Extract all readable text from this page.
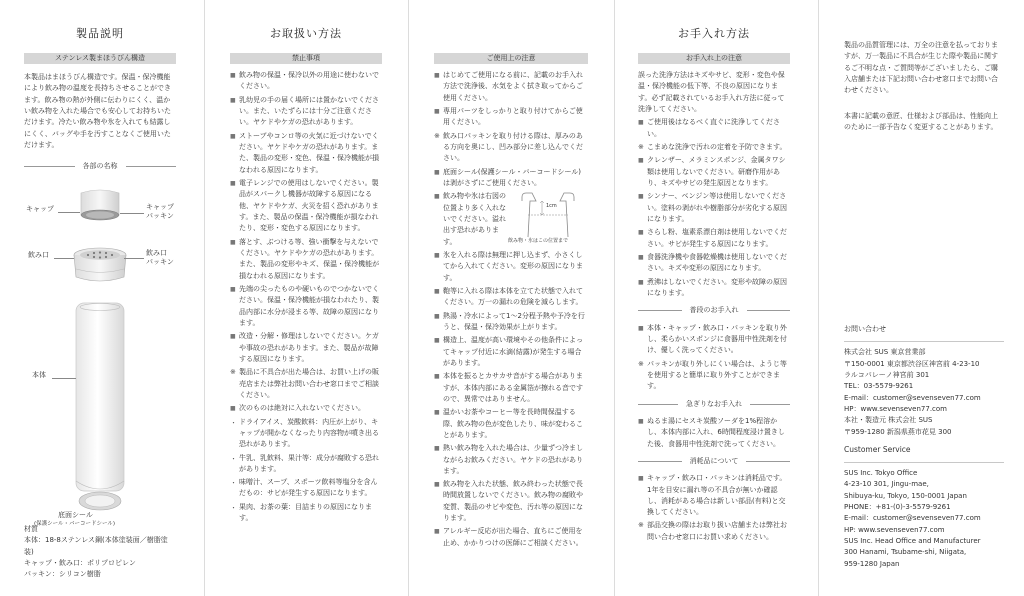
製品説明
ステンレス製まほうびん構造
本製品はまほうびん構造です。保温・保冷機能により飲み物の温度を長持ちさせることができます。飲み物の熱が外側に伝わりにくく、温かい飲み物を入れた場合でも安心してお持ちいただけます。冷たい飲み物や氷を入れても結露しにくく、バッグや手を汚すことなくご使用いただけます。
各部の名称
キャップ	キャップ
パッキン
飲み口	飲み口
パッキン
本体
底面シール
(保護シール・バーコードシール)
材質
本体：18-8ステンレス鋼(本体塗装面／樹脂塗装)
キャップ・飲み口：ポリプロピレン
パッキン：シリコン樹脂
お取扱い方法
禁止事項
■ 飲み物の保温・保冷以外の用途に使わないでください。
■ 乳幼児の手の届く場所には置かないでください。また、いたずらには十分ご注意ください。ヤケドやケガの恐れがあります。
■ ストーブやコンロ等の火気に近づけないでください。ヤケドやケガの恐れがあります。また、製品の変形・変色、保温・保冷機能が損なわれる原因になります。
■ 電子レンジでの使用はしないでください。製品がスパークし機器が故障する原因になる他、ヤケドやケガ、火災を招く恐れがあります。また、製品の保温・保冷機能が損なわれたり、変形・変色する原因になります。
■ 落とす、ぶつける等、強い衝撃を与えないでください。ヤケドやケガの恐れがあります。また、製品の変形やキズ、保温・保冷機能が損なわれる原因になります。
■ 先端の尖ったものや硬いものでつかないでください。保温・保冷機能が損なわれたり、製品内部に水分が浸まる等、故障の原因になります。
■ 改造・分解・修理はしないでください。ケガや事故の恐れがあります。また、製品が故障する原因になります。
※ 製品に不具合が出た場合は、お買い上げの販売店または弊社お問い合わせ窓口までご相談ください。
■ 次のものは絶対に入れないでください。
・ ドライアイス、炭酸飲料：内圧が上がり、キャップが開かなくなったり内容物が噴き出る恐れがあります。
・ 牛乳、乳飲料、果汁等：成分が腐敗する恐れがあります。
・ 味噌汁、スープ、スポーツ飲料等塩分を含んだもの：サビが発生する原因になります。
・ 果肉、お茶の葉：目詰まりの原因になります。
ご使用上の注意
■ はじめてご使用になる前に、記載のお手入れ方法で洗浄後、水気をよく拭き取ってからご使用ください。
■ 専用パーツをしっかりと取り付けてからご使用ください。
※ 飲み口パッキンを取り付ける際は、厚みのある方向を奥にし、凹み部分に差し込んでください。
■ 底面シール(保護シール・バーコードシール)は剥がさずにご使用ください。
■ 飲み物や氷は右図の位置より多く入れないでください。溢れ出す恐れがあります。
1cm
飲み物・氷はこの位置まで
■ 氷を入れる際は無理に押し込まず、小さくしてから入れてください。変形の原因になります。
■ 鞄等に入れる際は本体を立てた状態で入れてください。万一の漏れの危険を減らします。
■ 熱湯・冷水によって1〜2分程予熱や予冷を行うと、保温・保冷効果が上がります。
■ 構造上、温度が高い環境やその他条件によってキャップ付近に水滴(結露)が発生する場合があります。
■ 本体を振るとカサカサ音がする場合がありますが、本体内部にある金属箔が擦れる音ですので、異常ではありません。
■ 温かいお茶やコーヒー等を長時間保温する際、飲み物の色が変色したり、味が変わることがあります。
■ 熱い飲み物を入れた場合は、少量ずつ冷ましながらお飲みください。ヤケドの恐れがあります。
■ 飲み物を入れた状態、飲み終わった状態で長時間放置しないでください。飲み物の腐敗や変質、製品のサビや変色、汚れ等の原因になります。
■ アレルギー反応が出た場合、直ちにご使用を止め、かかりつけの医師にご相談ください。
お手入れ方法
お手入れ上の注意
誤った洗浄方法はキズやサビ、変形・変色や保温・保冷機能の低下等、不良の原因になります。必ず記載されているお手入れ方法に従って洗浄してください。
■ ご使用後はなるべく直ぐに洗浄してください。
※ こまめな洗浄で汚れの定着を予防できます。
■ クレンザー、メラミンスポンジ、金属タワシ類は使用しないでください。研磨作用があり、キズやサビの発生原因となります。
■ シンナー、ベンジン等は使用しないでください。塗料の剥がれや樹脂部分が劣化する原因になります。
■ さらし粉、塩素系漂白剤は使用しないでください。サビが発生する原因になります。
■ 食器洗浄機や食器乾燥機は使用しないでください。キズや変形の原因になります。
■ 煮沸はしないでください。変形や故障の原因になります。
普段のお手入れ
■ 本体・キャップ・飲み口・パッキンを取り外し、柔らかいスポンジに食器用中性洗剤を付け、優しく洗ってください。
※ パッキンが取り外しにくい場合は、ようじ等を使用すると簡単に取り外すことができます。
急ぎりなお手入れ
■ ぬるま湯にセスキ炭酸ソーダを1%程溶かし、本体内部に入れ、6時間程度浸け置きした後、食器用中性洗剤で洗ってください。
消耗品について
■ キャップ・飲み口・パッキンは消耗品です。1年を目安に漏れ等の不具合が無いか確認し、消耗がある場合は新しい部品(有料)と交換してください。
※ 部品交換の際はお取り扱い店舗または弊社お問い合わせ窓口にお買い求めください。
製品の品質管理には、万全の注意を払っておりますが、万一製品に不具合が生じた際や製品に関するご不明な点・ご質問等がございましたら、ご購入店舗または下記お問い合わせ窓口までお問い合わせください。
本書に記載の意匠、仕様および部品は、性能向上のために一部予告なく変更することがあります。
お問い合わせ
株式会社 SUS 東京営業部
〒150-0001 東京都渋谷区神宮前 4-23-10
ラルコパレーノ神宮前 301
TEL：03-5579-9261
E-mail：customer@sevenseven77.com
HP：www.sevenseven77.com
本社・製造元 株式会社 SUS
〒959-1280 新潟県燕市花見 300
Customer Service
SUS Inc. Tokyo Office
4-23-10 301, Jingu-mae,
Shibuya-ku, Tokyo, 150-0001 Japan
PHONE：+81-(0)-3-5579-9261
E-mail：customer@sevenseven77.com
HP: www.sevenseven77.com
SUS Inc. Head Office and Manufacturer
300 Hanami, Tsubame-shi, Niigata,
959-1280 Japan
